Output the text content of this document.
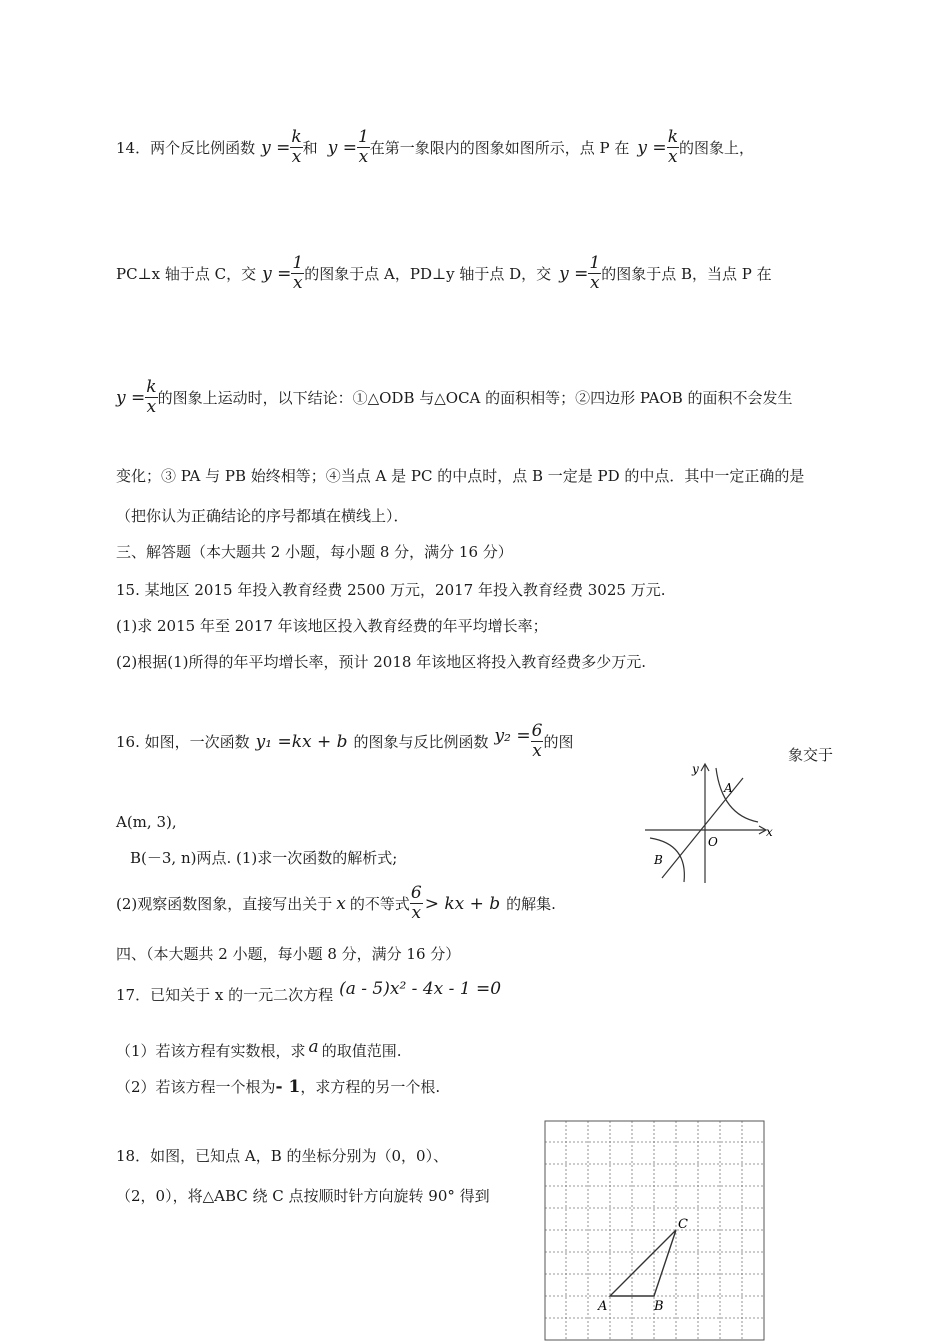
14．两个反比例函数 $y = \frac{k}{x}$ 和 $y = \frac{1}{x}$ 在第一象限内的图象如图所示，点 P 在 $y = \frac{k}{x}$ 的图象上，
PC⊥x 轴于点 C，交 $y = \frac{1}{x}$ 的图象于点 A，PD⊥y 轴于点 D，交 $y = \frac{1}{x}$ 的图象于点 B，当点 P 在
$y = \frac{k}{x}$ 的图象上运动时，以下结论：①△ODB 与△OCA 的面积相等；②四边形 PAOB 的面积不会发生
变化；③ PA 与 PB 始终相等；④当点 A 是 PC 的中点时，点 B 一定是 PD 的中点．其中一定正确的是
（把你认为正确结论的序号都填在横线上）．
三、解答题（本大题共 2 小题，每小题 8 分，满分 16 分）
15. 某地区 2015 年投入教育经费 2500 万元，2017 年投入教育经费 3025 万元.
(1)求 2015 年至 2017 年该地区投入教育经费的年平均增长率；
(2)根据(1)所得的年平均增长率，预计 2018 年该地区将投入教育经费多少万元.
16. 如图，一次函数 y₁ =kx + b 的图象与反比例函数 $y_2 = \frac{6}{x}$ 的图
象交于
A(m, 3),
B(－3, n)两点. (1)求一次函数的解析式;
(2)观察函数图象，直接写出关于 x 的不等式 $\frac{6}{x}$ > kx + b 的解集.
y
x
O
A
B
四、（本大题共 2 小题，每小题 8 分，满分 16 分）
17．已知关于 x 的一元二次方程 (a - 5)x² - 4x - 1 =0
（1）若该方程有实数根，求 a 的取值范围.
（2）若该方程一个根为 - 1 ，求方程的另一个根.
18．如图，已知点 A，B 的坐标分别为（0，0）、
（2，0），将△ABC 绕 C 点按顺时针方向旋转 90° 得到
A	B
C
